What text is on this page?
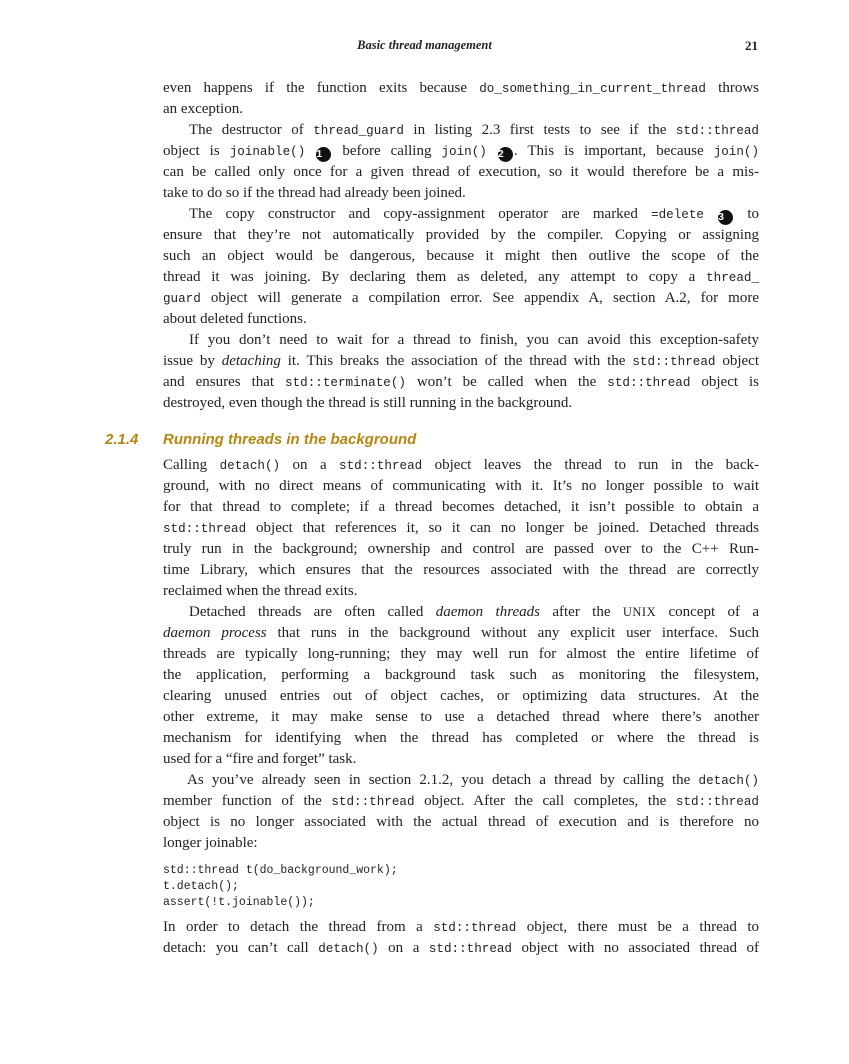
Basic thread management	21
even happens if the function exits because do_something_in_current_thread throws
an exception.
The destructor of thread_guard in listing 2.3 first tests to see if the std::thread
object is joinable() 1 before calling join() 2 . This is important, because join()
can be called only once for a given thread of execution, so it would therefore be a mis-
take to do so if the thread had already been joined.
The copy constructor and copy-assignment operator are marked =delete 3 to
ensure that they’re not automatically provided by the compiler. Copying or assigning
such an object would be dangerous, because it might then outlive the scope of the
thread it was joining. By declaring them as deleted, any attempt to copy a thread_
guard object will generate a compilation error. See appendix A, section A.2, for more
about deleted functions.
If you don’t need to wait for a thread to finish, you can avoid this exception-safety
issue by detaching it. This breaks the association of the thread with the std::thread object
and ensures that std::terminate() won’t be called when the std::thread object is
destroyed, even though the thread is still running in the background.
Calling detach() on a std::thread object leaves the thread to run in the back-
ground, with no direct means of communicating with it. It’s no longer possible to wait
for that thread to complete; if a thread becomes detached, it isn’t possible to obtain a
std::thread object that references it, so it can no longer be joined. Detached threads
truly run in the background; ownership and control are passed over to the C++ Run-
time Library, which ensures that the resources associated with the thread are correctly
reclaimed when the thread exits.
Detached threads are often called daemon threads after the UNIX concept of a
daemon process that runs in the background without any explicit user interface. Such
threads are typically long-running; they may well run for almost the entire lifetime of
the application, performing a background task such as monitoring the filesystem,
clearing unused entries out of object caches, or optimizing data structures. At the
other extreme, it may make sense to use a detached thread where there’s another
mechanism for identifying when the thread has completed or where the thread is
used for a “fire and forget” task.
As you’ve already seen in section 2.1.2, you detach a thread by calling the detach()
member function of the std::thread object. After the call completes, the std::thread
object is no longer associated with the actual thread of execution and is therefore no
longer joinable:
std::thread t(do_background_work);
t.detach();
assert(!t.joinable());
In order to detach the thread from a std::thread object, there must be a thread to
detach: you can’t call detach() on a std::thread object with no associated thread of
2.1.4 Running threads in the background
